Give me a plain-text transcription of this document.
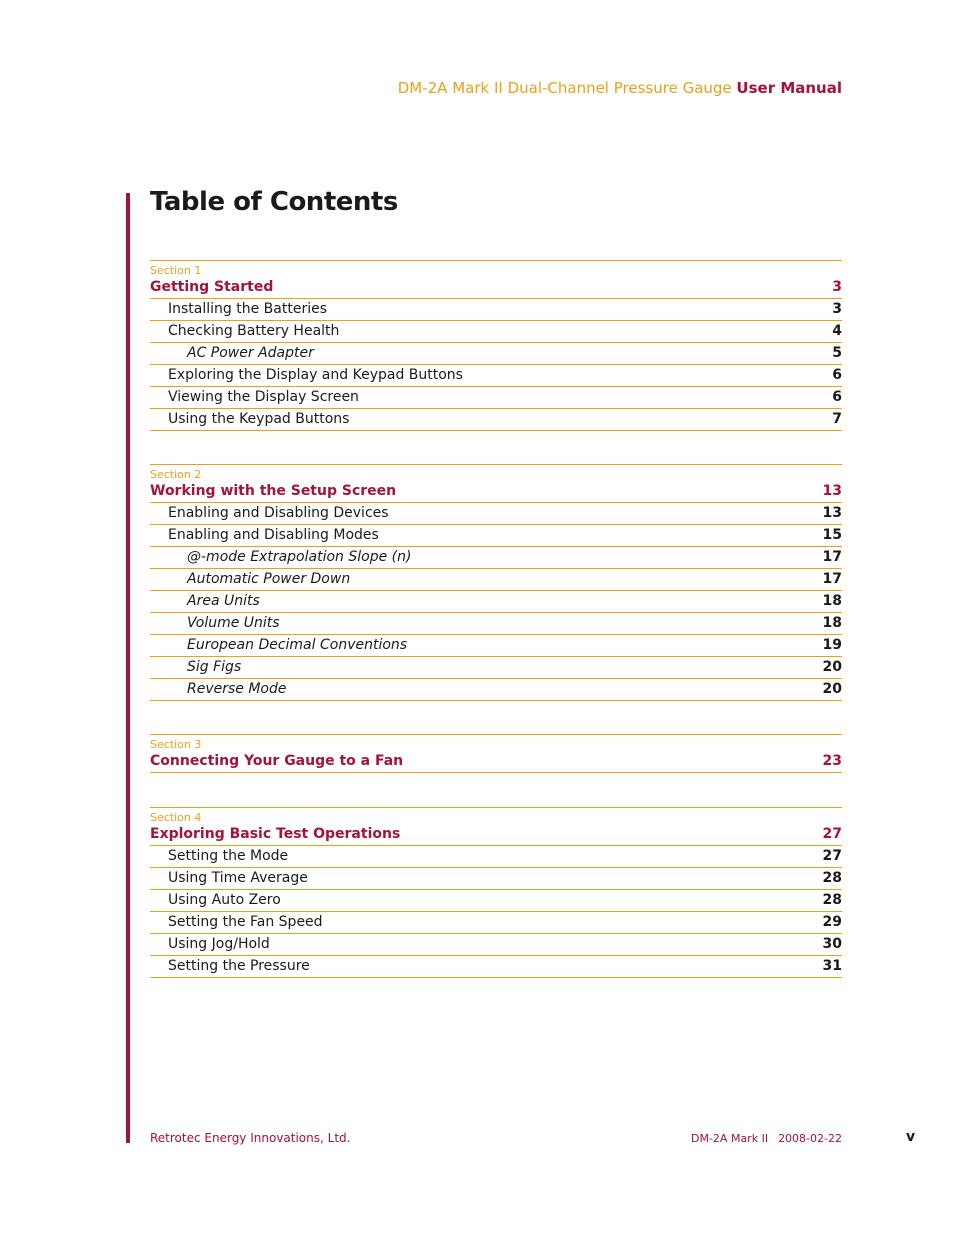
DM-2A Mark II Dual-Channel Pressure Gauge User Manual
Table of Contents
Section 1
Getting Started	3
Installing the Batteries	3
Checking Battery Health	4
AC Power Adapter	5
Exploring the Display and Keypad Buttons	6
Viewing the Display Screen	6
Using the Keypad Buttons	7
Section 2
Working with the Setup Screen	13
Enabling and Disabling Devices	13
Enabling and Disabling Modes	15
@-mode Extrapolation Slope (n)	17
Automatic Power Down	17
Area Units	18
Volume Units	18
European Decimal Conventions	19
Sig Figs	20
Reverse Mode	20
Section 3
Connecting Your Gauge to a Fan	23
Section 4
Exploring Basic Test Operations	27
Setting the Mode	27
Using Time Average	28
Using Auto Zero	28
Setting the Fan Speed	29
Using Jog/Hold	30
Setting the Pressure	31
Retrotec Energy Innovations, Ltd.	DM-2A Mark II 2008-02-22	v
